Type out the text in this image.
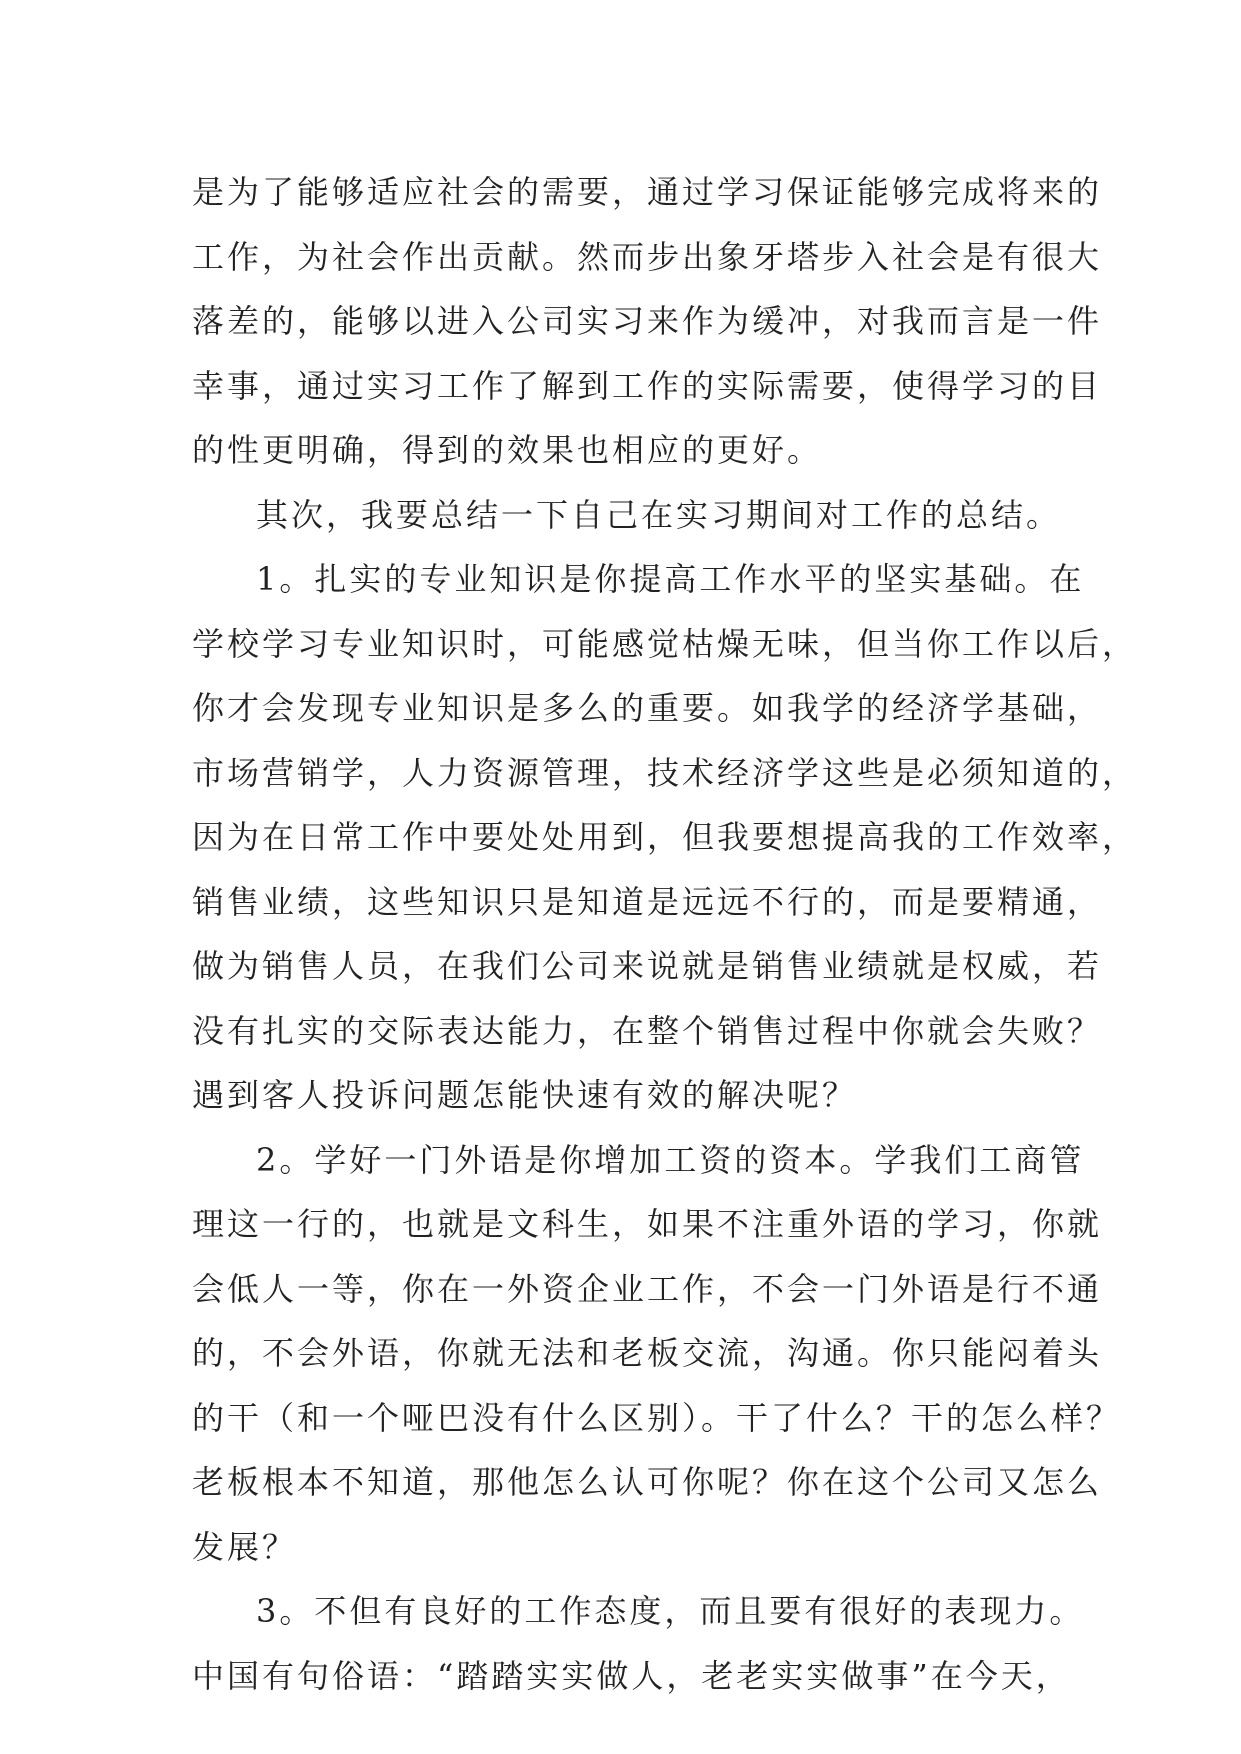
是为了能够适应社会的需要，通过学习保证能够完成将来的
工作，为社会作出贡献。然而步出象牙塔步入社会是有很大
落差的，能够以进入公司实习来作为缓冲，对我而言是一件
幸事，通过实习工作了解到工作的实际需要，使得学习的目
的性更明确，得到的效果也相应的更好。
其次，我要总结一下自己在实习期间对工作的总结。
1。扎实的专业知识是你提高工作水平的坚实基础。在
学校学习专业知识时，可能感觉枯燥无味，但当你工作以后，
你才会发现专业知识是多么的重要。如我学的经济学基础，
市场营销学，人力资源管理，技术经济学这些是必须知道的，
因为在日常工作中要处处用到，但我要想提高我的工作效率，
销售业绩，这些知识只是知道是远远不行的，而是要精通，
做为销售人员，在我们公司来说就是销售业绩就是权威，若
没有扎实的交际表达能力，在整个销售过程中你就会失败？
遇到客人投诉问题怎能快速有效的解决呢？
2。学好一门外语是你增加工资的资本。学我们工商管
理这一行的，也就是文科生，如果不注重外语的学习，你就
会低人一等，你在一外资企业工作，不会一门外语是行不通
的，不会外语，你就无法和老板交流，沟通。你只能闷着头
的干（和一个哑巴没有什么区别）。干了什么？干的怎么样？
老板根本不知道，那他怎么认可你呢？你在这个公司又怎么
发展？
3。不但有良好的工作态度，而且要有很好的表现力。
中国有句俗语：“踏踏实实做人，老老实实做事”在今天，
